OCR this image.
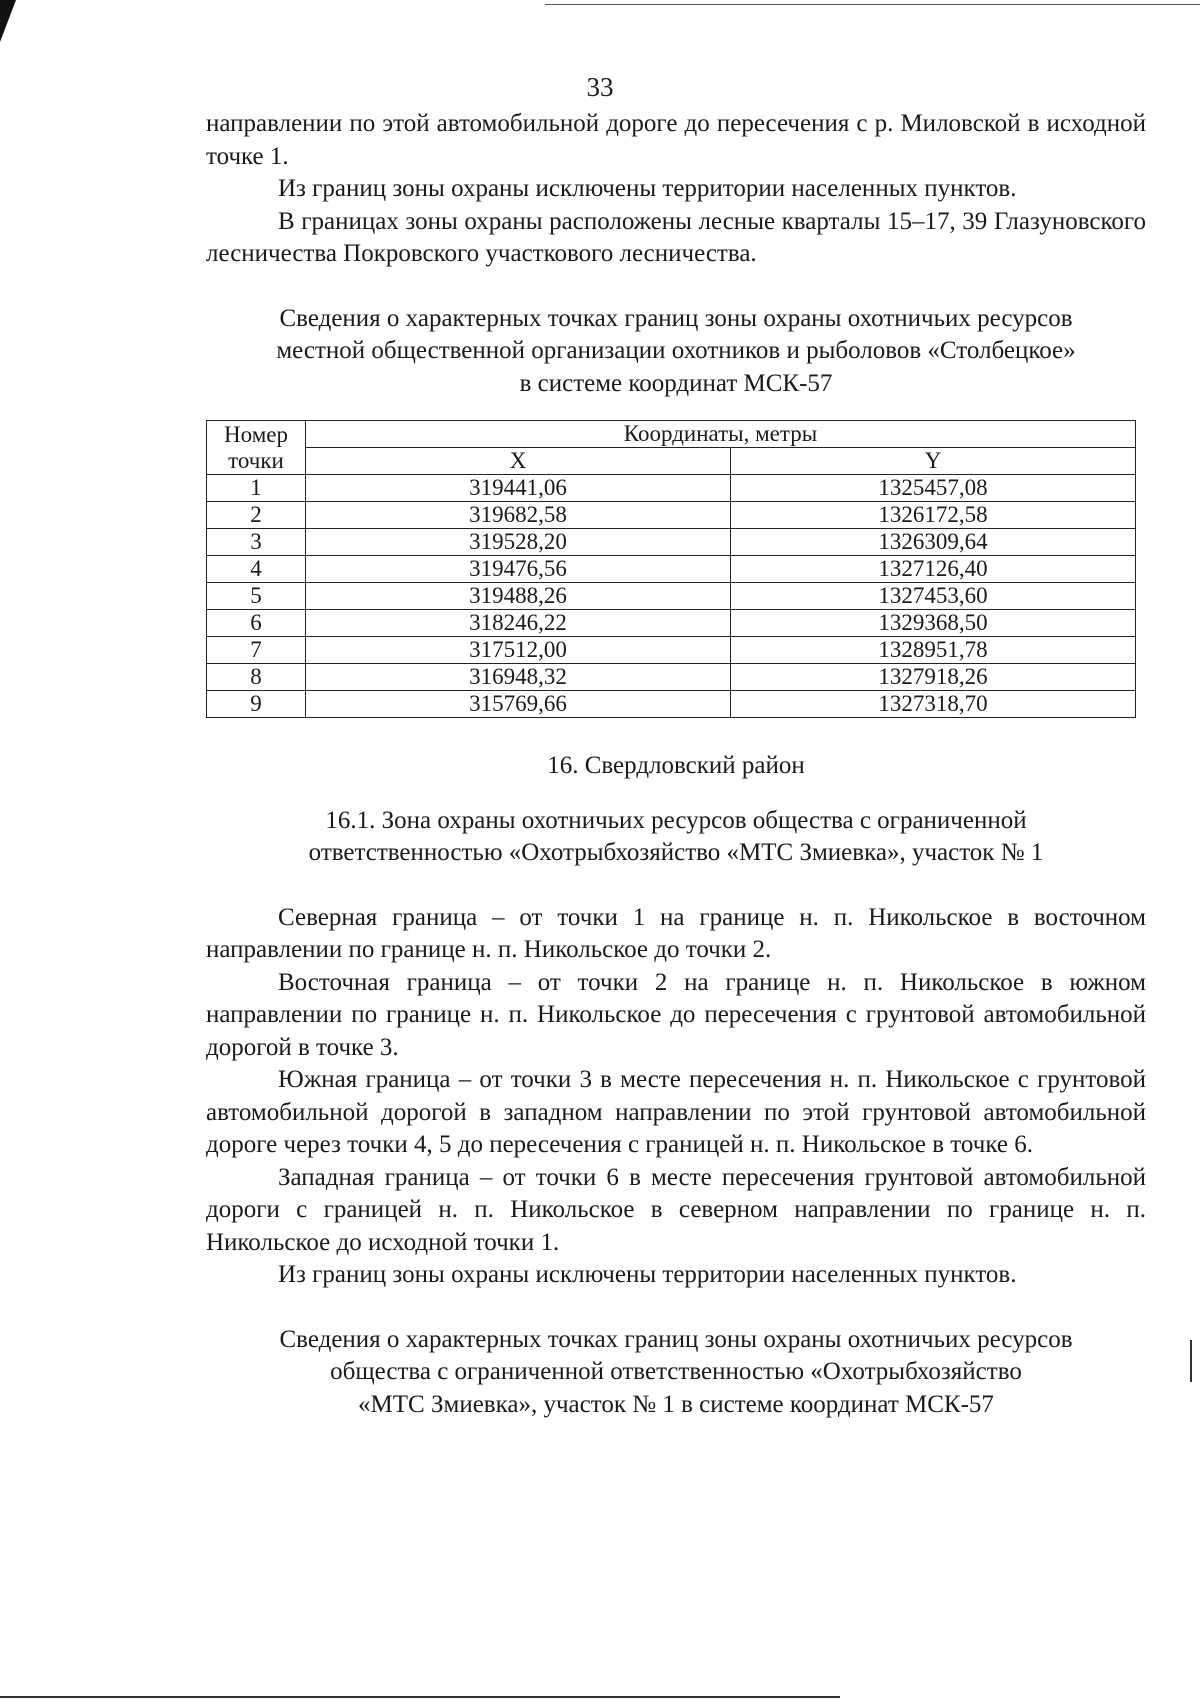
33

направлении по этой автомобильной дороге до пересечения с р. Миловской в исходной точке 1.

Из границ зоны охраны исключены территории населенных пунктов.

В границах зоны охраны расположены лесные кварталы 15–17, 39 Глазуновского лесничества Покровского участкового лесничества.

Сведения о характерных точках границ зоны охраны охотничьих ресурсов

местной общественной организации охотников и рыболовов «Столбецкое»

в системе координат МСК-57

Номер
точки	Координаты, метры	
	X	Y
1	319441,06	1325457,08
2	319682,58	1326172,58
3	319528,20	1326309,64
4	319476,56	1327126,40
5	319488,26	1327453,60
6	318246,22	1329368,50
7	317512,00	1328951,78
8	316948,32	1327918,26
9	315769,66	1327318,70

16. Свердловский район

16.1. Зона охраны охотничьих ресурсов общества с ограниченной

ответственностью «Охотрыбхозяйство «МТС Змиевка», участок № 1

Северная граница – от точки 1 на границе н. п. Никольское в восточном направлении по границе н. п. Никольское до точки 2.

Восточная граница – от точки 2 на границе н. п. Никольское в южном направлении по границе н. п. Никольское до пересечения с грунтовой автомобильной дорогой в точке 3.

Южная граница – от точки 3 в месте пересечения н. п. Никольское с грунтовой автомобильной дорогой в западном направлении по этой грунтовой автомобильной дороге через точки 4, 5 до пересечения с границей н. п. Никольское в точке 6.

Западная граница – от точки 6 в месте пересечения грунтовой автомобильной дороги с границей н. п. Никольское в северном направлении по границе н. п. Никольское до исходной точки 1.

Из границ зоны охраны исключены территории населенных пунктов.

Сведения о характерных точках границ зоны охраны охотничьих ресурсов

общества с ограниченной ответственностью «Охотрыбхозяйство

«МТС Змиевка», участок № 1 в системе координат МСК-57
